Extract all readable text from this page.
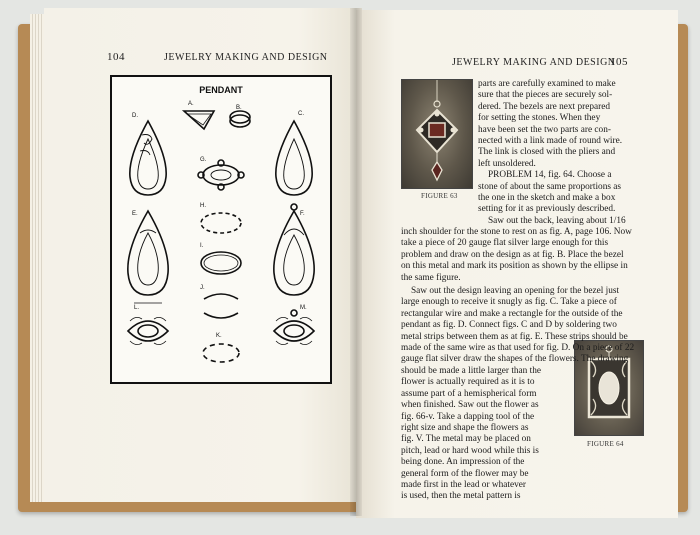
104	JEWELRY MAKING AND DESIGN	JEWELRY MAKING AND DESIGN
105
FIGURE 63
FIGURE 64

parts are carefully examined to make

sure that the pieces are securely sol-

dered. The bezels are next prepared

for setting the stones. When they

have been set the two parts are con-

nected with a link made of round wire.

The link is closed with the pliers and

left unsoldered.

PROBLEM 14, fig. 64. Choose a

stone of about the same proportions as

the one in the sketch and make a box

setting for it as previously described.

Saw out the back, leaving about 1/16

inch shoulder for the stone to rest on as fig. A, page 106. Now

take a piece of 20 gauge flat silver large enough for this

problem and draw on the design as at fig. B. Place the bezel

on this metal and mark its position as shown by the ellipse in

the same figure.

Saw out the design leaving an opening for the bezel just

large enough to receive it snugly as fig. C. Take a piece of

rectangular wire and make a rectangle for the outside of the

pendant as fig. D. Connect figs. C and D by soldering two

metal strips between them as at fig. E. These strips should be

made of the same wire as that used for fig. D. On a piece of 22

gauge flat silver draw the shapes of the flowers. The drawing

should be made a little larger than the

flower is actually required as it is to

assume part of a hemispherical form

when finished. Saw out the flower as

fig. 66-v. Take a dapping tool of the

right size and shape the flowers as

fig. V. The metal may be placed on

pitch, lead or hard wood while this is

being done. An impression of the

general form of the flower may be

made first in the lead or whatever

is used, then the metal pattern is

PENDANT
A.
B.
C.
D.
E.	F.
G.
H.
I.
J.
L.
K.
M.
